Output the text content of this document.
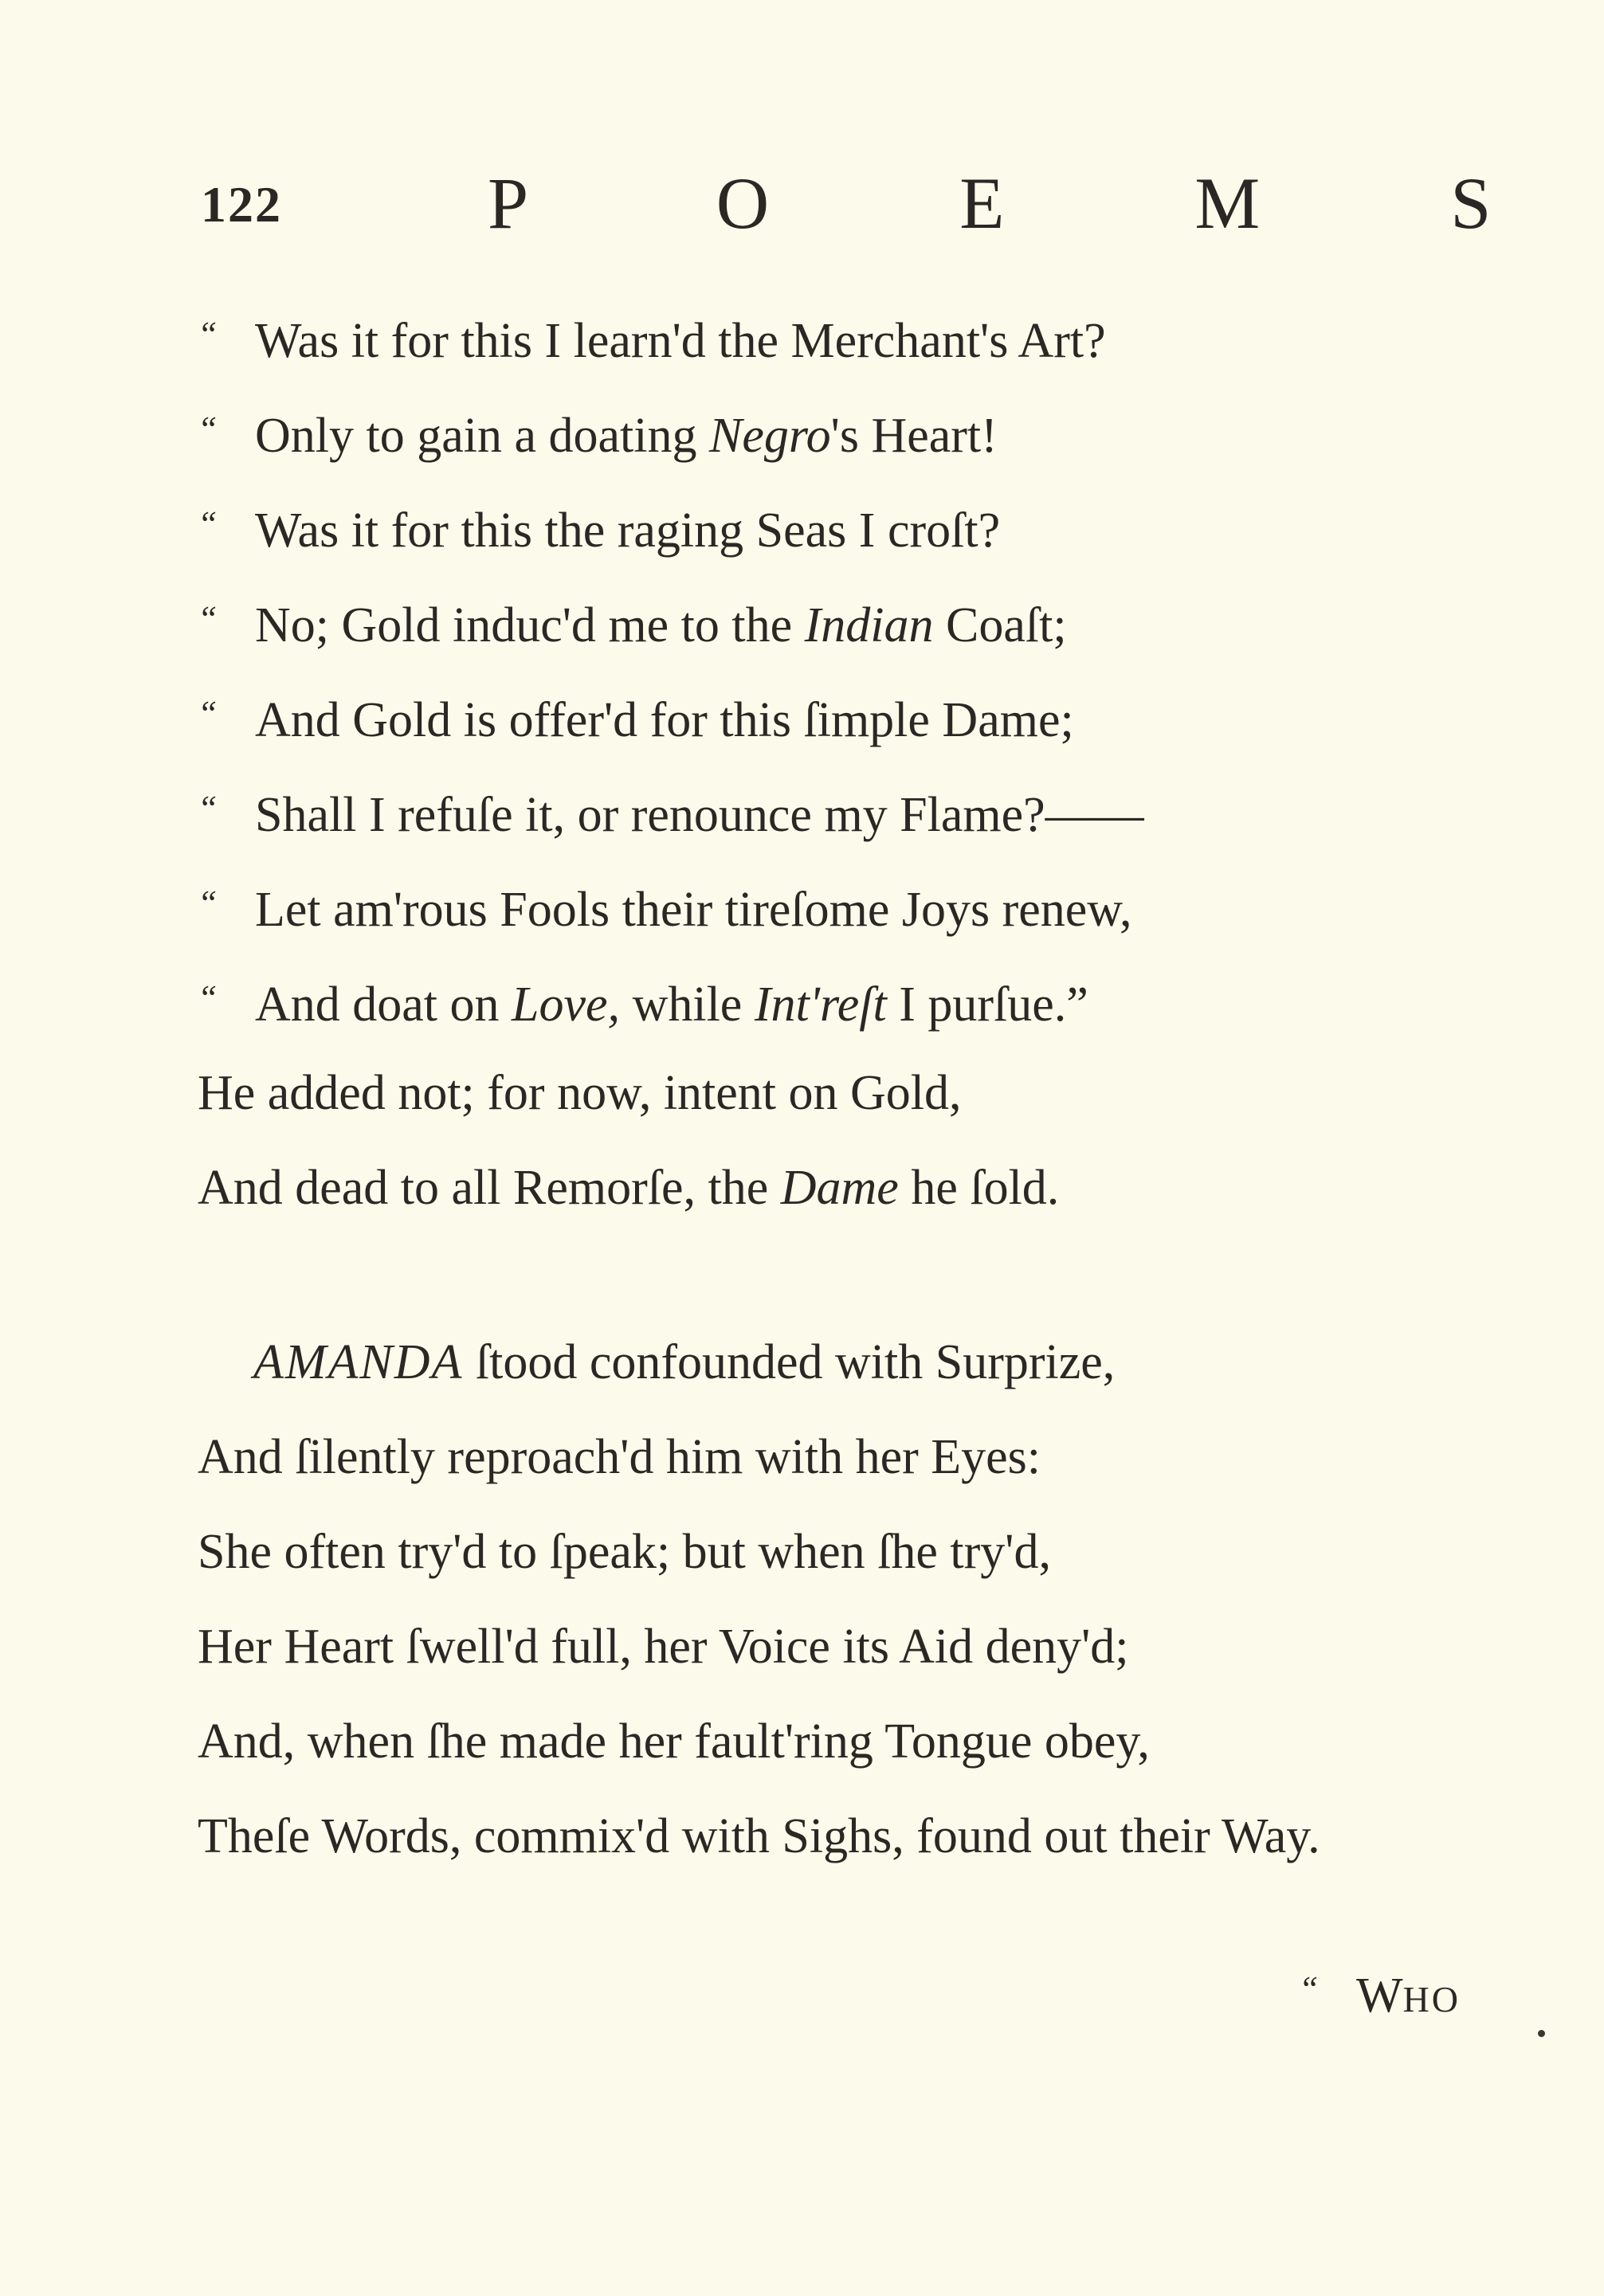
122	P O E M S
“ Was it for this I learn'd the Merchant's Art?
“ Only to gain a doating Negro's Heart!
“ Was it for this the raging Seas I croſt?
“ No; Gold induc'd me to the Indian Coaſt;
“ And Gold is offer'd for this ſimple Dame;
“ Shall I refuſe it, or renounce my Flame?——
“ Let am'rous Fools their tireſome Joys renew,
“ And doat on Love, while Int'reſt I purſue.”
He added not; for now, intent on Gold,
And dead to all Remorſe, the Dame he ſold.
AMANDA ſtood confounded with Surprize,
And ſilently reproach'd him with her Eyes:
She often try'd to ſpeak; but when ſhe try'd,
Her Heart ſwell'd full, her Voice its Aid deny'd;
And, when ſhe made her fault'ring Tongue obey,
Theſe Words, commix'd with Sighs, found out their Way.
“ WHO
